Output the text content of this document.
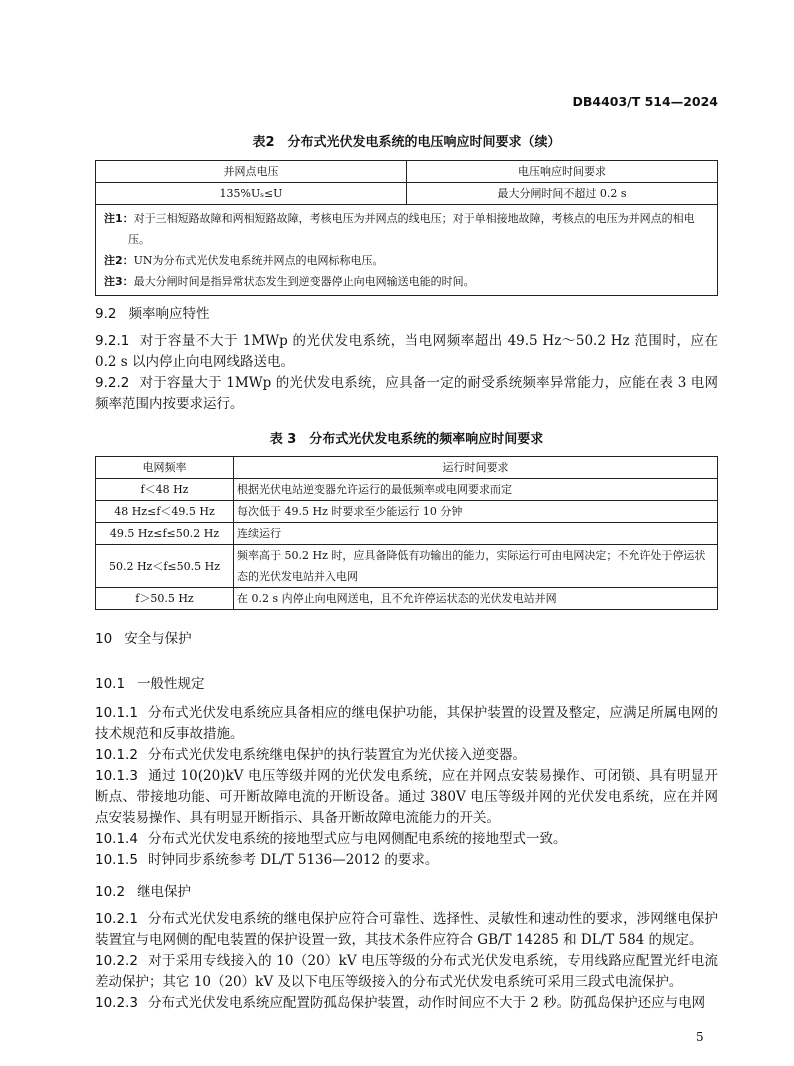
DB4403/T 514—2024
表2　分布式光伏发电系统的电压响应时间要求（续）
并网点电压	电压响应时间要求
135%Uₛ≤U	最大分闸时间不超过 0.2 s

注1：对于三相短路故障和两相短路故障，考核电压为并网点的线电压；对于单相接地故障，考核点的电压为并网点的相电压。
注2：UN为分布式光伏发电系统并网点的电网标称电压。
注3：最大分闸时间是指异常状态发生到逆变器停止向电网输送电能的时间。	
9.2 频率响应特性
9.2.1 对于容量不大于 1MWp 的光伏发电系统，当电网频率超出 49.5 Hz～50.2 Hz 范围时，应在 0.2 s 以内停止向电网线路送电。
9.2.2 对于容量大于 1MWp 的光伏发电系统，应具备一定的耐受系统频率异常能力，应能在表 3 电网频率范围内按要求运行。
表 3　分布式光伏发电系统的频率响应时间要求
电网频率	运行时间要求
f＜48 Hz	根据光伏电站逆变器允许运行的最低频率或电网要求而定
48 Hz≤f＜49.5 Hz	每次低于 49.5 Hz 时要求至少能运行 10 分钟
49.5 Hz≤f≤50.2 Hz	连续运行
50.2 Hz＜f≤50.5 Hz	频率高于 50.2 Hz 时，应具备降低有功输出的能力，实际运行可由电网决定；不允许处于停运状态的光伏发电站并入电网
f＞50.5 Hz	在 0.2 s 内停止向电网送电，且不允许停运状态的光伏发电站并网
10 安全与保护
10.1 一般性规定
10.1.1 分布式光伏发电系统应具备相应的继电保护功能，其保护装置的设置及整定，应满足所属电网的技术规范和反事故措施。
10.1.2 分布式光伏发电系统继电保护的执行装置宜为光伏接入逆变器。
10.1.3 通过 10(20)kV 电压等级并网的光伏发电系统，应在并网点安装易操作、可闭锁、具有明显开断点、带接地功能、可开断故障电流的开断设备。通过 380V 电压等级并网的光伏发电系统，应在并网点安装易操作、具有明显开断指示、具备开断故障电流能力的开关。
10.1.4 分布式光伏发电系统的接地型式应与电网侧配电系统的接地型式一致。
10.1.5 时钟同步系统参考 DL/T 5136—2012 的要求。
10.2 继电保护
10.2.1 分布式光伏发电系统的继电保护应符合可靠性、选择性、灵敏性和速动性的要求，涉网继电保护装置宜与电网侧的配电装置的保护设置一致，其技术条件应符合 GB/T 14285 和 DL/T 584 的规定。
10.2.2 对于采用专线接入的 10（20）kV 电压等级的分布式光伏发电系统，专用线路应配置光纤电流差动保护；其它 10（20）kV 及以下电压等级接入的分布式光伏发电系统可采用三段式电流保护。
10.2.3 分布式光伏发电系统应配置防孤岛保护装置，动作时间应不大于 2 秒。防孤岛保护还应与电网
5
